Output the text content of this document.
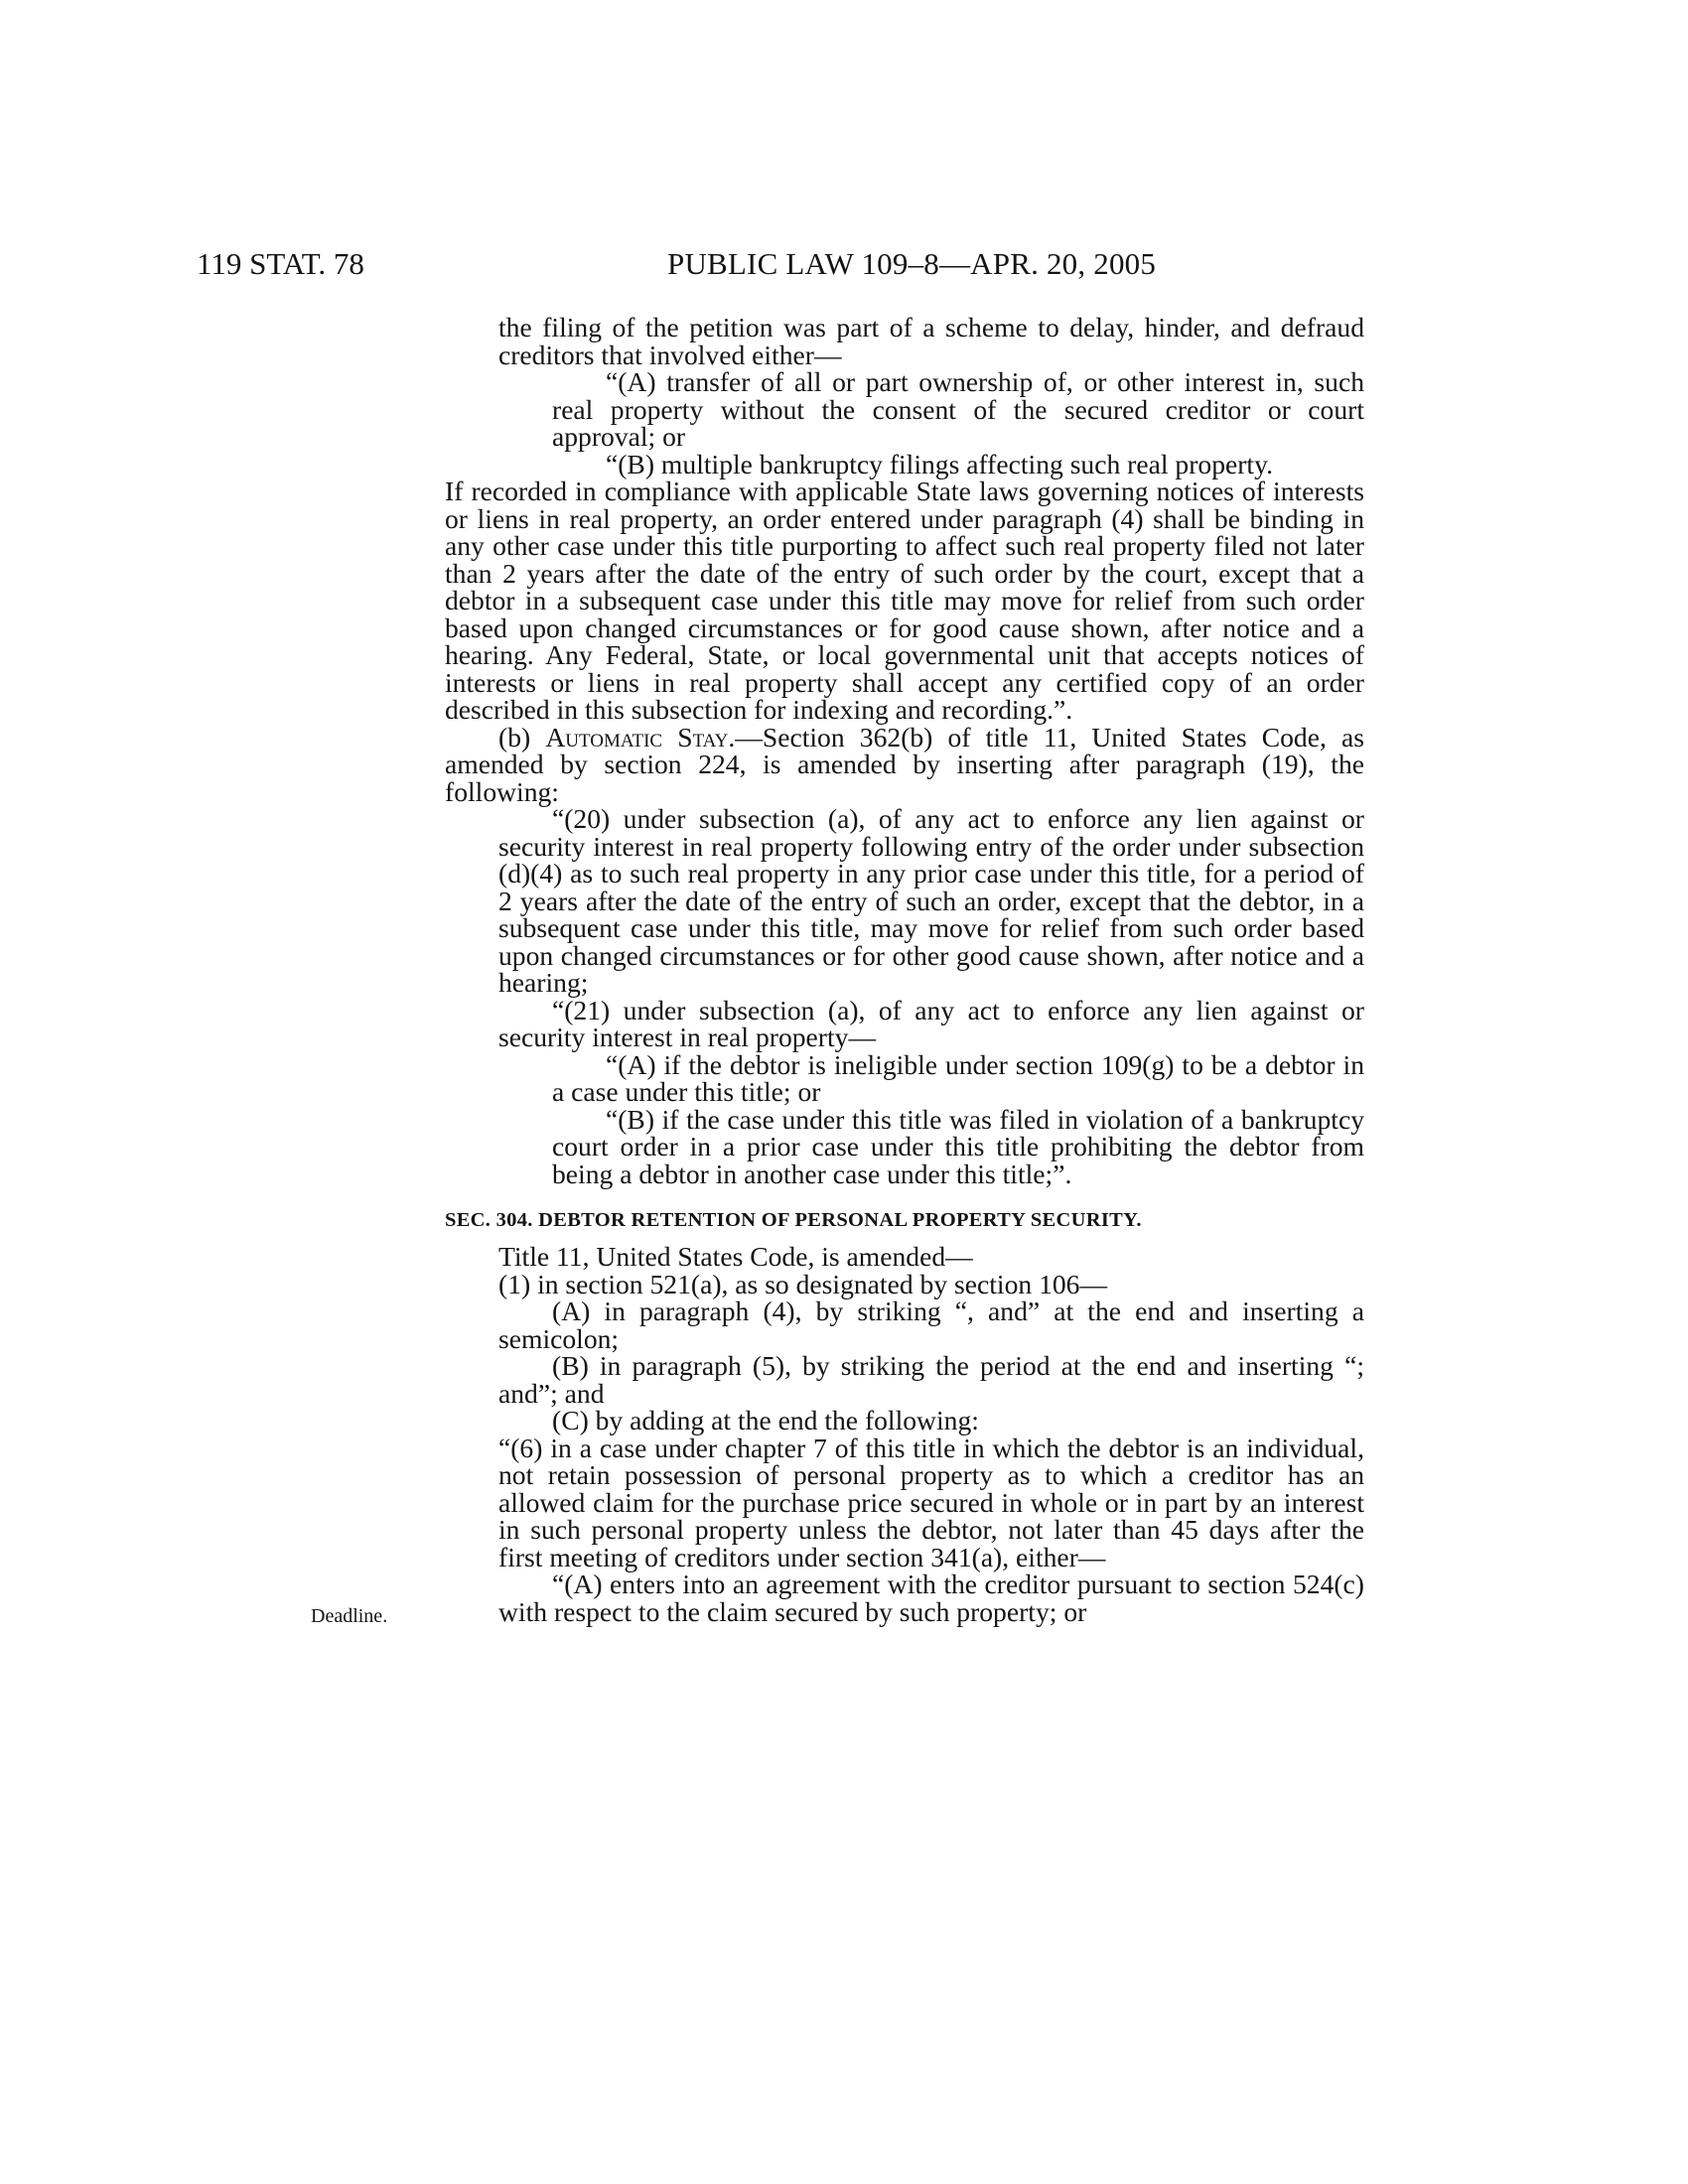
119 STAT. 78	PUBLIC LAW 109–8—APR. 20, 2005
Deadline.

the filing of the petition was part of a scheme to delay, hinder, and defraud creditors that involved either—

“(A) transfer of all or part ownership of, or other interest in, such real property without the consent of the secured creditor or court approval; or

“(B) multiple bankruptcy filings affecting such real property.

If recorded in compliance with applicable State laws governing notices of interests or liens in real property, an order entered under paragraph (4) shall be binding in any other case under this title purporting to affect such real property filed not later than 2 years after the date of the entry of such order by the court, except that a debtor in a subsequent case under this title may move for relief from such order based upon changed circumstances or for good cause shown, after notice and a hearing. Any Federal, State, or local governmental unit that accepts notices of interests or liens in real property shall accept any certified copy of an order described in this subsection for indexing and recording.”.

(b) Automatic Stay.—Section 362(b) of title 11, United States Code, as amended by section 224, is amended by inserting after paragraph (19), the following:

“(20) under subsection (a), of any act to enforce any lien against or security interest in real property following entry of the order under subsection (d)(4) as to such real property in any prior case under this title, for a period of 2 years after the date of the entry of such an order, except that the debtor, in a subsequent case under this title, may move for relief from such order based upon changed circumstances or for other good cause shown, after notice and a hearing;

“(21) under subsection (a), of any act to enforce any lien against or security interest in real property—

“(A) if the debtor is ineligible under section 109(g) to be a debtor in a case under this title; or

“(B) if the case under this title was filed in violation of a bankruptcy court order in a prior case under this title prohibiting the debtor from being a debtor in another case under this title;”.

SEC. 304. DEBTOR RETENTION OF PERSONAL PROPERTY SECURITY.

Title 11, United States Code, is amended—

(1) in section 521(a), as so designated by section 106—

(A) in paragraph (4), by striking “, and” at the end and inserting a semicolon;

(B) in paragraph (5), by striking the period at the end and inserting “; and”; and

(C) by adding at the end the following:

“(6) in a case under chapter 7 of this title in which the debtor is an individual, not retain possession of personal property as to which a creditor has an allowed claim for the purchase price secured in whole or in part by an interest in such personal property unless the debtor, not later than 45 days after the first meeting of creditors under section 341(a), either—

“(A) enters into an agreement with the creditor pursuant to section 524(c) with respect to the claim secured by such property; or
